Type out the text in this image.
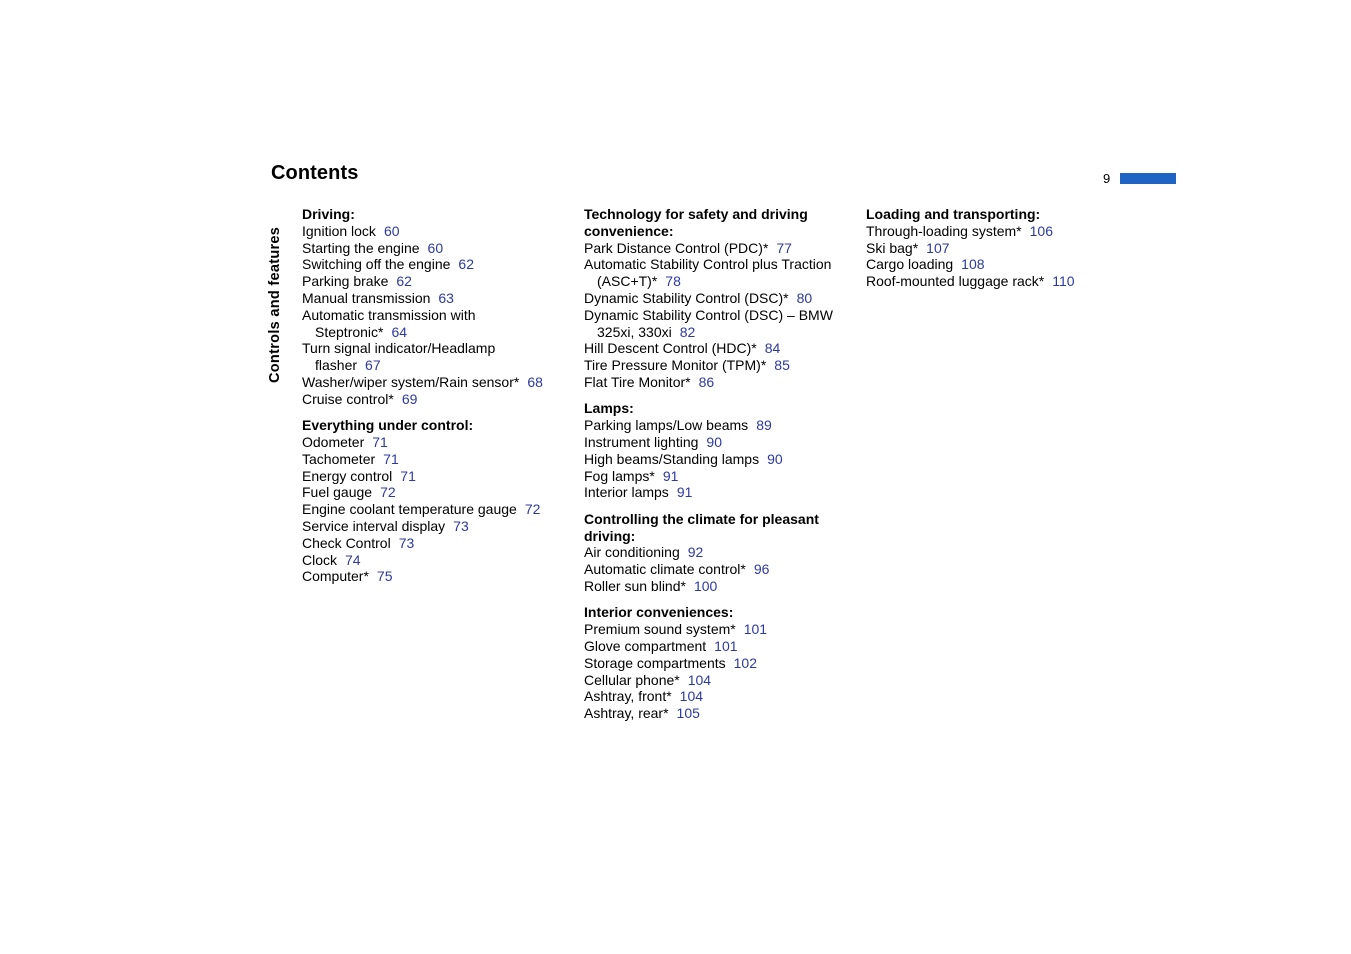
Contents	9
Controls and features
Driving:
Ignition lock 60
Starting the engine 60
Switching off the engine 62
Parking brake 62
Manual transmission 63
Automatic transmission with Steptronic* 64
Turn signal indicator/Headlamp flasher 67
Washer/wiper system/Rain sensor* 68
Cruise control* 69
Everything under control:
Odometer 71
Tachometer 71
Energy control 71
Fuel gauge 72
Engine coolant temperature gauge 72
Service interval display 73
Check Control 73
Clock 74
Computer* 75
Technology for safety and driving convenience:
Park Distance Control (PDC)* 77
Automatic Stability Control plus Traction (ASC+T)* 78
Dynamic Stability Control (DSC)* 80
Dynamic Stability Control (DSC) – BMW 325xi, 330xi 82
Hill Descent Control (HDC)* 84
Tire Pressure Monitor (TPM)* 85
Flat Tire Monitor* 86
Lamps:
Parking lamps/Low beams 89
Instrument lighting 90
High beams/Standing lamps 90
Fog lamps* 91
Interior lamps 91
Controlling the climate for pleasant driving:
Air conditioning 92
Automatic climate control* 96
Roller sun blind* 100
Interior conveniences:
Premium sound system* 101
Glove compartment 101
Storage compartments 102
Cellular phone* 104
Ashtray, front* 104
Ashtray, rear* 105
Loading and transporting:
Through-loading system* 106
Ski bag* 107
Cargo loading 108
Roof-mounted luggage rack* 110
